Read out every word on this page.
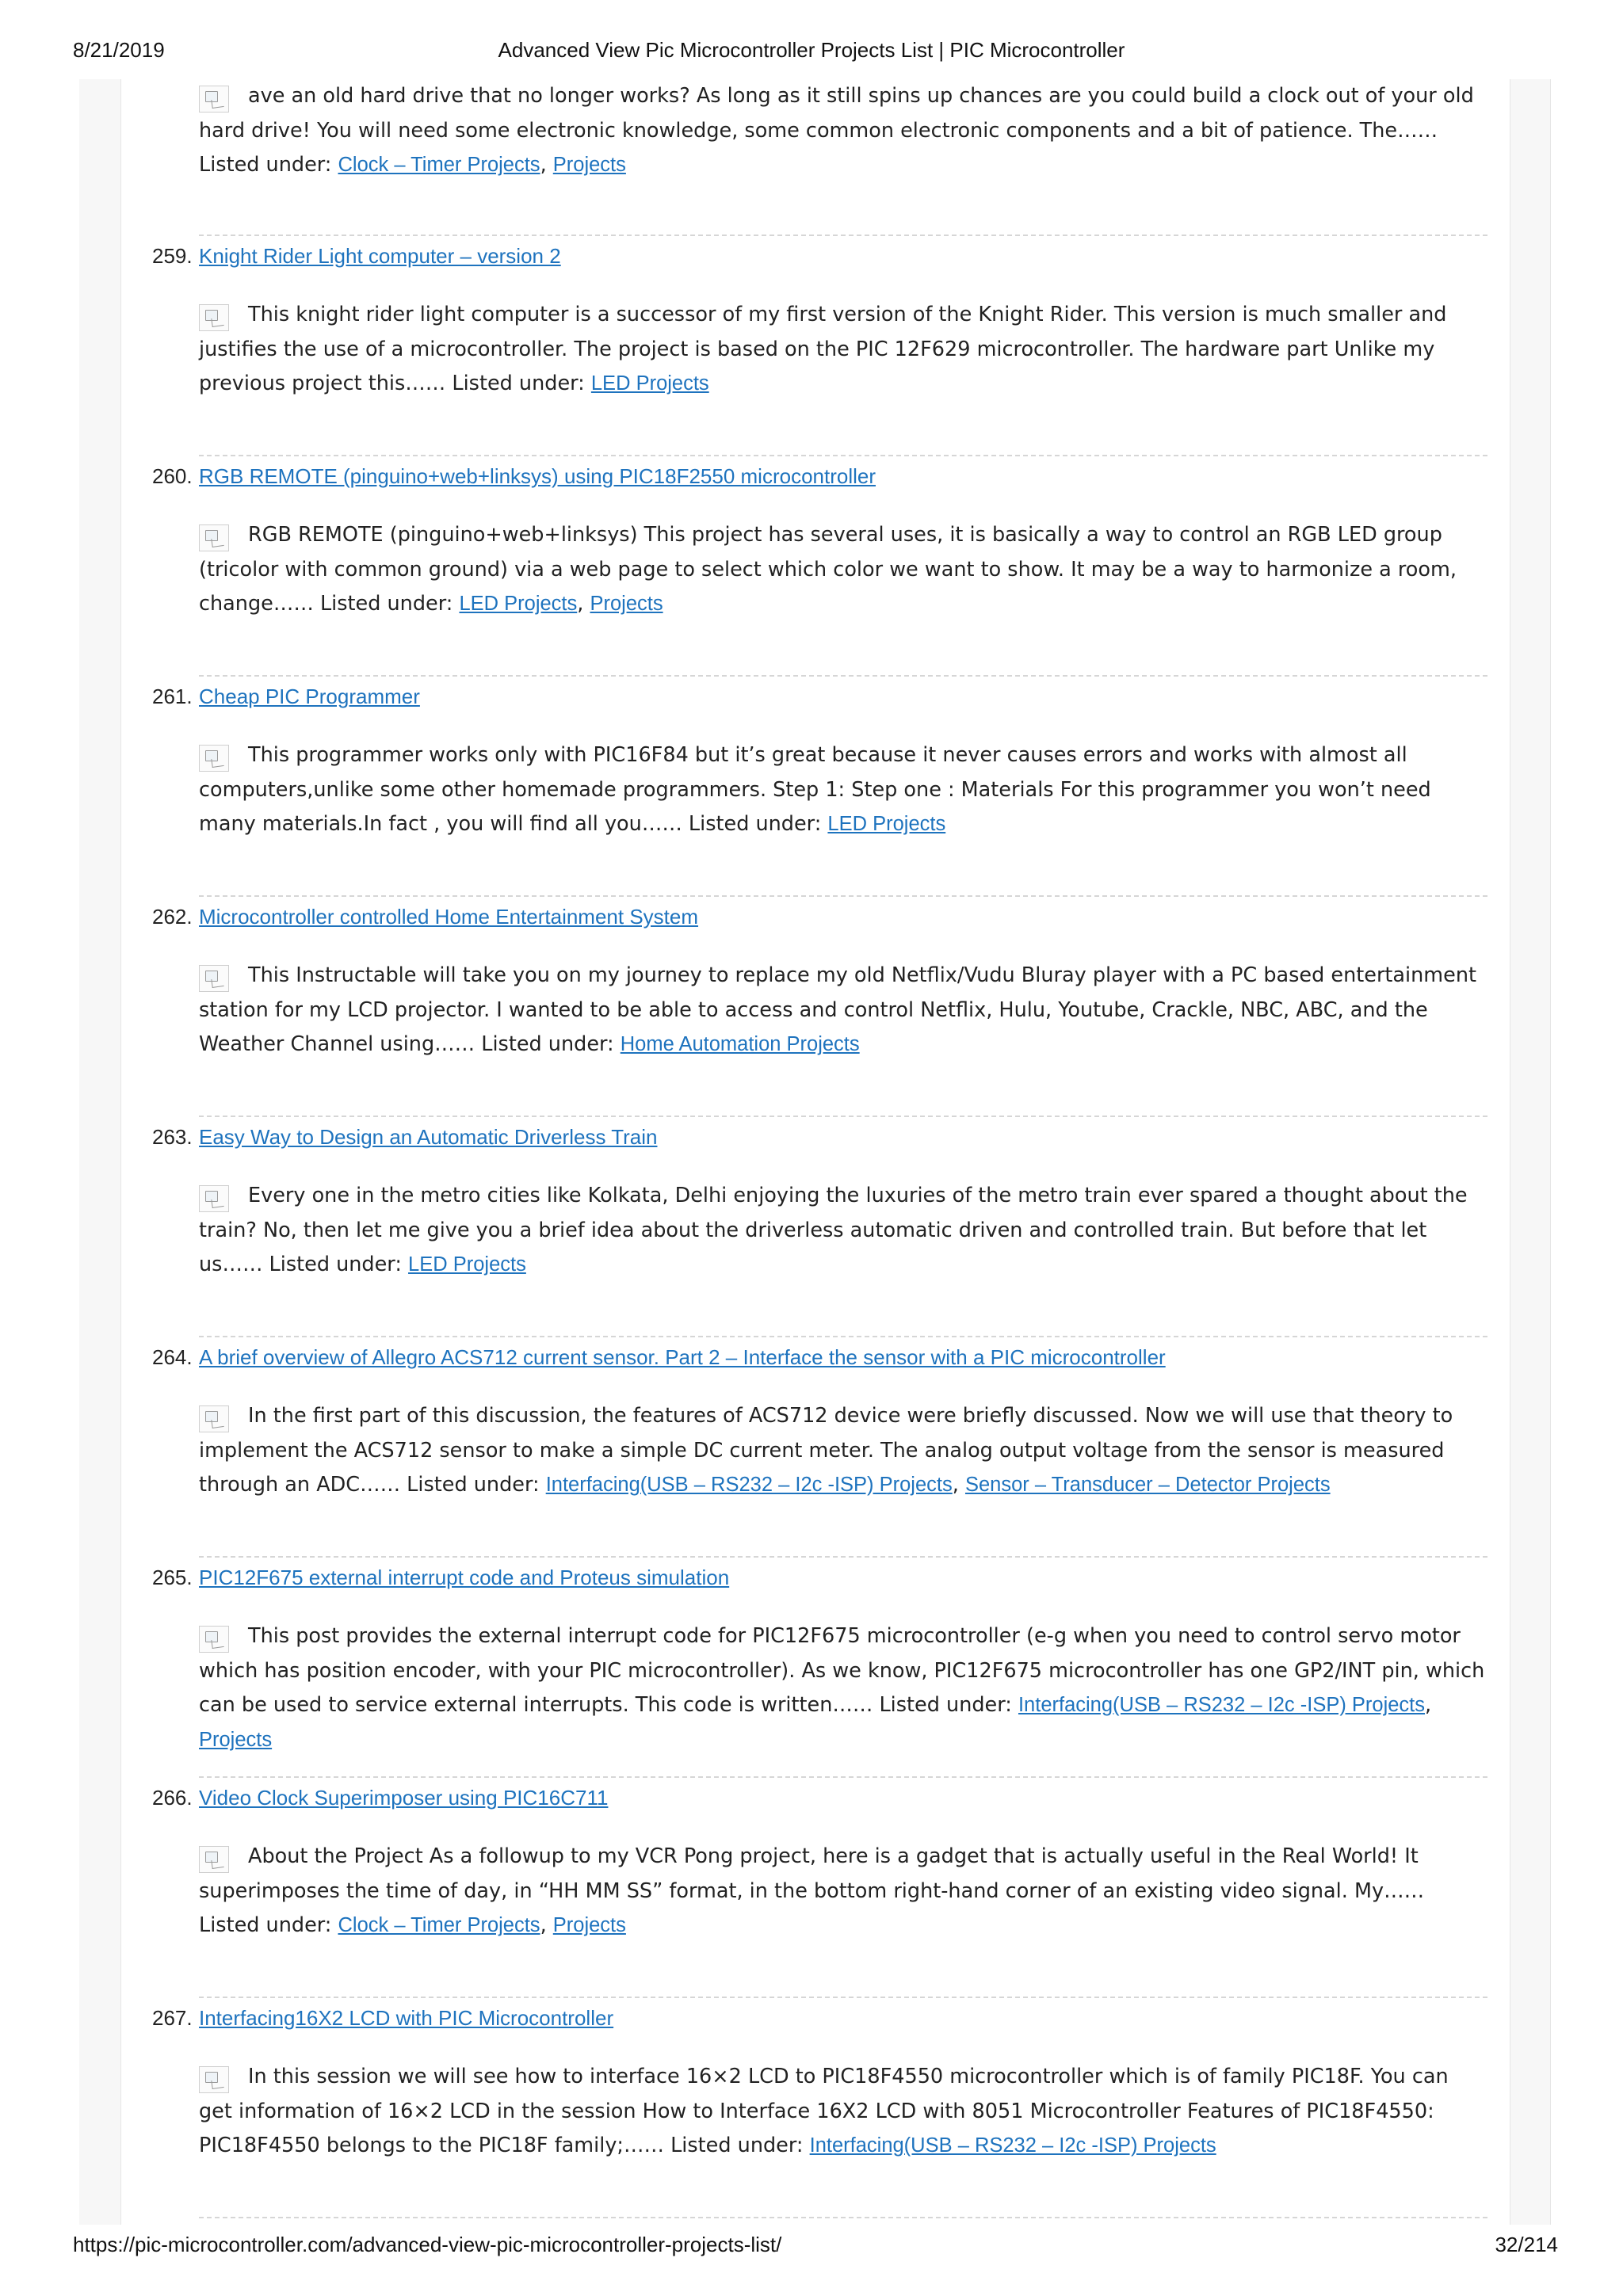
8/21/2019	Advanced View Pic Microcontroller Projects List | PIC Microcontroller

ave an old hard drive that no longer works? As long as it still spins up chances are you could build a clock out of your old hard drive! You will need some electronic knowledge, some common electronic components and a bit of patience. The…… Listed under: Clock – Timer Projects, Projects

259. Knight Rider Light computer – version 2

This knight rider light computer is a successor of my first version of the Knight Rider. This version is much smaller and justifies the use of a microcontroller. The project is based on the PIC 12F629 microcontroller. The hardware part Unlike my previous project this…… Listed under: LED Projects

260. RGB REMOTE (pinguino+web+linksys) using PIC18F2550 microcontroller

RGB REMOTE (pinguino+web+linksys) This project has several uses, it is basically a way to control an RGB LED group (tricolor with common ground) via a web page to select which color we want to show. It may be a way to harmonize a room, change…… Listed under: LED Projects, Projects

261. Cheap PIC Programmer

This programmer works only with PIC16F84 but it’s great because it never causes errors and works with almost all computers,unlike some other homemade programmers. Step 1: Step one : Materials For this programmer you won’t need many materials.In fact , you will find all you…… Listed under: LED Projects

262. Microcontroller controlled Home Entertainment System

This Instructable will take you on my journey to replace my old Netflix/Vudu Bluray player with a PC based entertainment station for my LCD projector. I wanted to be able to access and control Netflix, Hulu, Youtube, Crackle, NBC, ABC, and the Weather Channel using…… Listed under: Home Automation Projects

263. Easy Way to Design an Automatic Driverless Train

Every one in the metro cities like Kolkata, Delhi enjoying the luxuries of the metro train ever spared a thought about the train? No, then let me give you a brief idea about the driverless automatic driven and controlled train. But before that let us…… Listed under: LED Projects

264. A brief overview of Allegro ACS712 current sensor. Part 2 – Interface the sensor with a PIC microcontroller

In the first part of this discussion, the features of ACS712 device were briefly discussed. Now we will use that theory to implement the ACS712 sensor to make a simple DC current meter. The analog output voltage from the sensor is measured through an ADC…… Listed under: Interfacing(USB – RS232 – I2c -ISP) Projects, Sensor – Transducer – Detector Projects

265. PIC12F675 external interrupt code and Proteus simulation

This post provides the external interrupt code for PIC12F675 microcontroller (e-g when you need to control servo motor which has position encoder, with your PIC microcontroller). As we know, PIC12F675 microcontroller has one GP2/INT pin, which can be used to service external interrupts. This code is written…… Listed under: Interfacing(USB – RS232 – I2c -ISP) Projects, Projects

266. Video Clock Superimposer using PIC16C711

About the Project As a followup to my VCR Pong project, here is a gadget that is actually useful in the Real World! It superimposes the time of day, in “HH MM SS” format, in the bottom right-hand corner of an existing video signal. My…… Listed under: Clock – Timer Projects, Projects

267. Interfacing16X2 LCD with PIC Microcontroller

In this session we will see how to interface 16×2 LCD to PIC18F4550 microcontroller which is of family PIC18F. You can get information of 16×2 LCD in the session How to Interface 16X2 LCD with 8051 Microcontroller Features of PIC18F4550: PIC18F4550 belongs to the PIC18F family;…… Listed under: Interfacing(USB – RS232 – I2c -ISP) Projects

https://pic-microcontroller.com/advanced-view-pic-microcontroller-projects-list/	32/214
